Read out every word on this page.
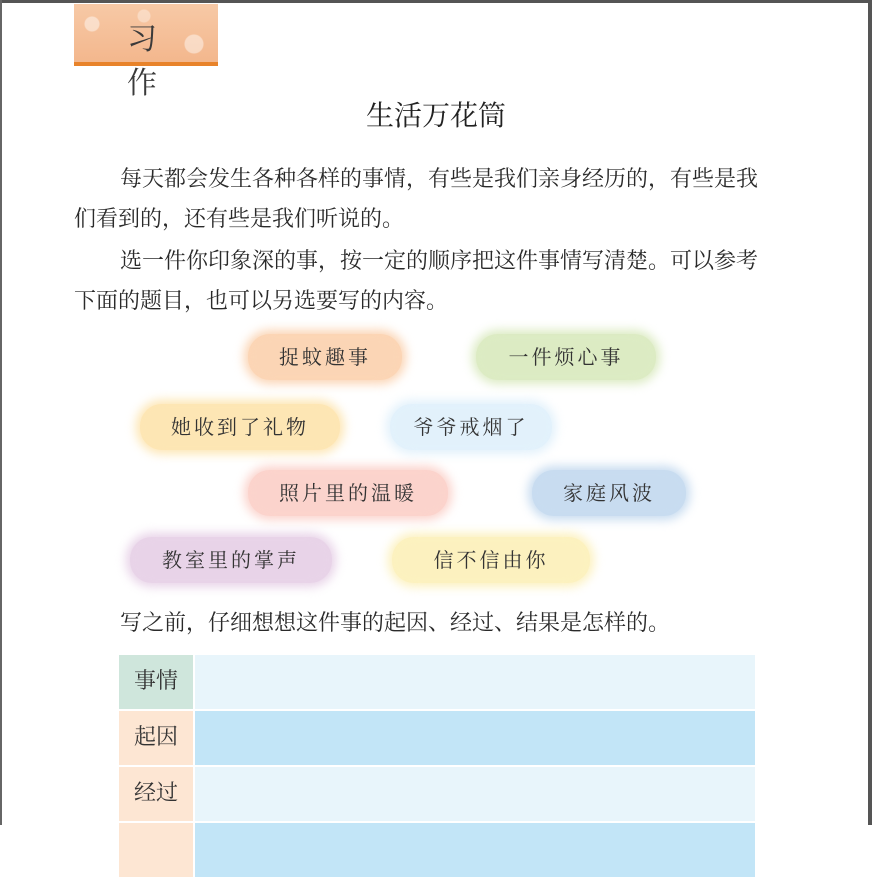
习 作
生活万花筒
每天都会发生各种各样的事情，有些是我们亲身经历的，有些是我们看到的，还有些是我们听说的。
选一件你印象深的事，按一定的顺序把这件事情写清楚。可以参考下面的题目，也可以另选要写的内容。
捉蚊趣事	一件烦心事
她收到了礼物	爷爷戒烟了
照片里的温暖	家庭风波
教室里的掌声	信不信由你
写之前，仔细想想这件事的起因、经过、结果是怎样的。
事情
起因
经过
